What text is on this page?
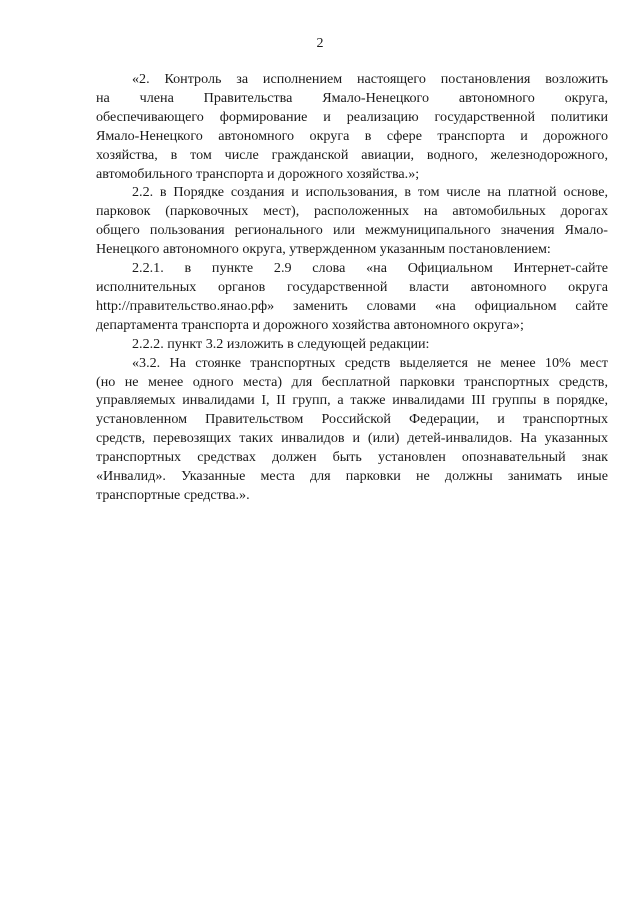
2
«2. Контроль за исполнением настоящего постановления возложить
на члена Правительства Ямало-Ненецкого автономного округа,
обеспечивающего формирование и реализацию государственной политики
Ямало-Ненецкого автономного округа в сфере транспорта и дорожного
хозяйства, в том числе гражданской авиации, водного, железнодорожного,
автомобильного транспорта и дорожного хозяйства.»;
2.2. в Порядке создания и использования, в том числе на платной основе,
парковок (парковочных мест), расположенных на автомобильных дорогах
общего пользования регионального или межмуниципального значения Ямало-
Ненецкого автономного округа, утвержденном указанным постановлением:
2.2.1. в пункте 2.9 слова «на Официальном Интернет-сайте
исполнительных органов государственной власти автономного округа
http://правительство.янао.рф» заменить словами «на официальном сайте
департамента транспорта и дорожного хозяйства автономного округа»;
2.2.2. пункт 3.2 изложить в следующей редакции:
«3.2. На стоянке транспортных средств выделяется не менее 10% мест
(но не менее одного места) для бесплатной парковки транспортных средств,
управляемых инвалидами I, II групп, а также инвалидами III группы в порядке,
установленном Правительством Российской Федерации, и транспортных
средств, перевозящих таких инвалидов и (или) детей-инвалидов. На указанных
транспортных средствах должен быть установлен опознавательный знак
«Инвалид». Указанные места для парковки не должны занимать иные
транспортные средства.».
